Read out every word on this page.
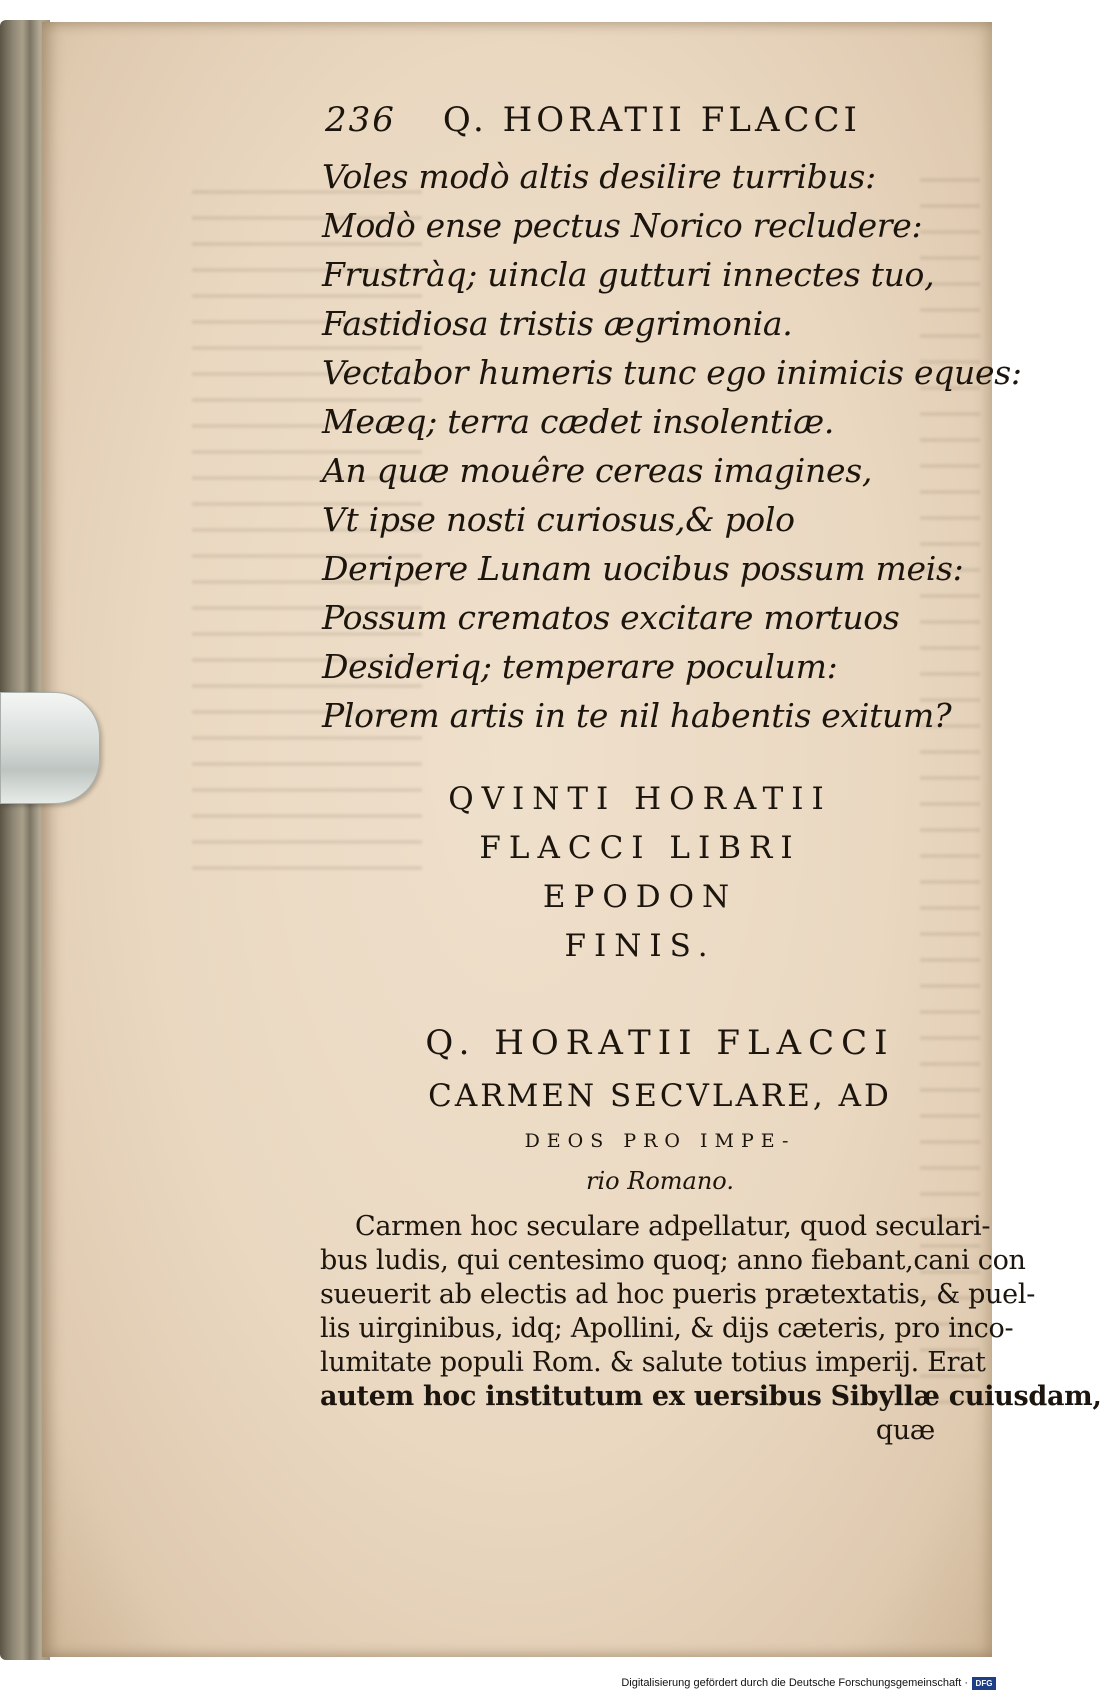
236 Q. HORATII FLACCI
Voles modò altis desilire turribus:
Modò ense pectus Norico recludere:
Frustràq; uincla gutturi innectes tuo,
Fastidiosa tristis ægrimonia.
Vectabor humeris tunc ego inimicis eques:
Meæq; terra cædet insolentiæ.
An quæ mouêre cereas imagines,
Vt ipse nosti curiosus,& polo
Deripere Lunam uocibus possum meis:
Possum crematos excitare mortuos
Desideriq; temperare poculum:
Plorem artis in te nil habentis exitum?
QVINTI HORATII
FLACCI LIBRI
EPODON
FINIS.
Q. HORATII FLACCI
CARMEN SECVLARE, AD
DEOS PRO IMPE-
rio Romano.
Carmen hoc seculare adpellatur, quod seculari-
bus ludis, qui centesimo quoq; anno fiebant,cani con
sueuerit ab electis ad hoc pueris prætextatis, & puel-
lis uirginibus, idq; Apollini, & dijs cæteris, pro inco-
lumitate populi Rom. & salute totius imperij. Erat
autem hoc institutum ex uersibus Sibyllæ cuiusdam,
quæ
Digitalisierung gefördert durch die Deutsche Forschungsgemeinschaft · DFG
